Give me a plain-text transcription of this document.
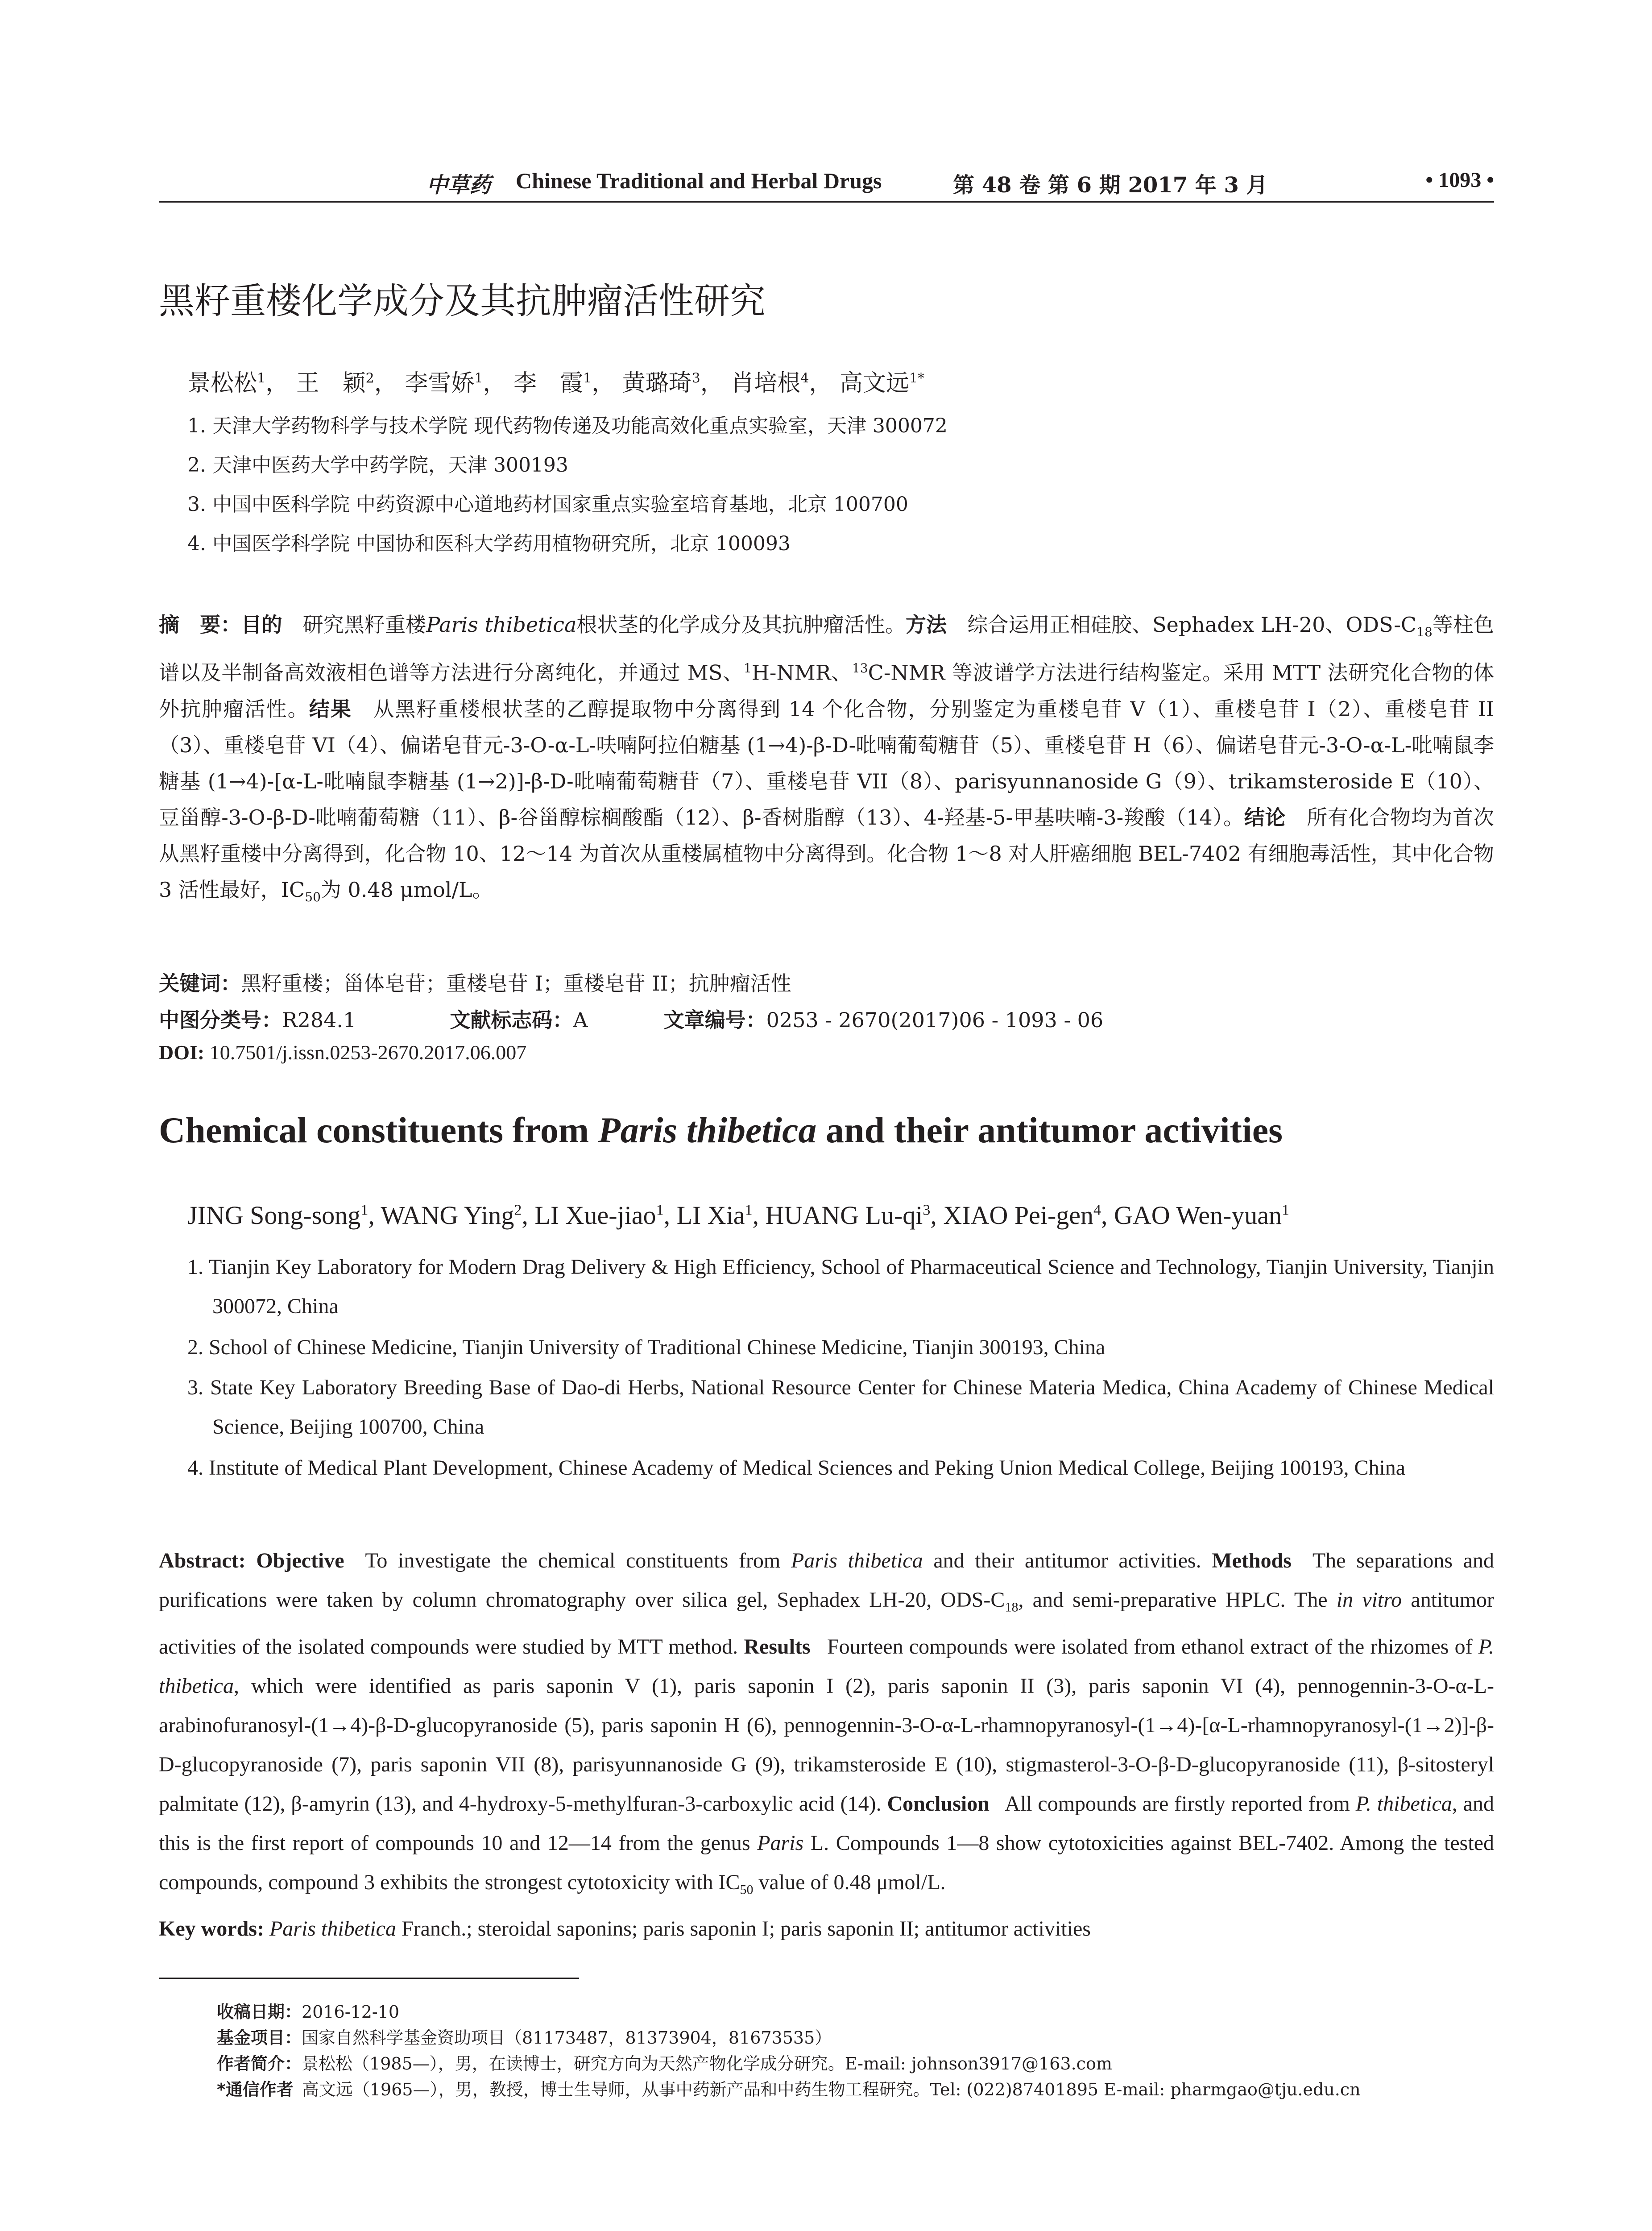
中草药 Chinese Traditional and Herbal Drugs	第 48 卷 第 6 期 2017 年 3 月	• 1093 •
黑籽重楼化学成分及其抗肿瘤活性研究
景松松$^1$， 王　颖$^2$， 李雪娇$^1$， 李　霞$^1$， 黄璐琦$^3$， 肖培根$^4$， 高文远$^{1*}$
1. 天津大学药物科学与技术学院 现代药物传递及功能高效化重点实验室，天津 300072
2. 天津中医药大学中药学院，天津 300193
3. 中国中医科学院 中药资源中心道地药材国家重点实验室培育基地，北京 100700
4. 中国医学科学院 中国协和医科大学药用植物研究所，北京 100093
摘　要：目的  研究黑籽重楼Paris thibetica根状茎的化学成分及其抗肿瘤活性。方法  综合运用正相硅胶、Sephadex LH-20、ODS-$C_{18}$等柱色谱以及半制备高效液相色谱等方法进行分离纯化，并通过 MS、$^1$H-NMR、$^{13}$C-NMR 等波谱学方法进行结构鉴定。采用 MTT 法研究化合物的体外抗肿瘤活性。结果  从黑籽重楼根状茎的乙醇提取物中分离得到 14 个化合物，分别鉴定为重楼皂苷 V（1）、重楼皂苷 I（2）、重楼皂苷 II（3）、重楼皂苷 VI（4）、偏诺皂苷元-3-O-α-L-呋喃阿拉伯糖基 (1→4)-β-D-吡喃葡萄糖苷（5）、重楼皂苷 H（6）、偏诺皂苷元-3-O-α-L-吡喃鼠李糖基 (1→4)-[α-L-吡喃鼠李糖基 (1→2)]-β-D-吡喃葡萄糖苷（7）、重楼皂苷 VII（8）、parisyunnanoside G（9）、trikamsteroside E（10）、豆甾醇-3-O-β-D-吡喃葡萄糖（11）、β-谷甾醇棕榈酸酯（12）、β-香树脂醇（13）、4-羟基-5-甲基呋喃-3-羧酸（14）。结论  所有化合物均为首次从黑籽重楼中分离得到，化合物 10、12～14 为首次从重楼属植物中分离得到。化合物 1～8 对人肝癌细胞 BEL-7402 有细胞毒活性，其中化合物 3 活性最好，$IC_{50}$为 0.48 μmol/L。
关键词：黑籽重楼；甾体皂苷；重楼皂苷 I；重楼皂苷 II；抗肿瘤活性
中图分类号：R284.1	文献标志码：A	文章编号：0253 - 2670(2017)06 - 1093 - 06
DOI: 10.7501/j.issn.0253-2670.2017.06.007
Chemical constituents from Paris thibetica and their antitumor activities
JING Song-song$^1$, WANG Ying$^2$, LI Xue-jiao$^1$, LI Xia$^1$, HUANG $Lu-qi^3$, XIAO Pei-gen$^4$, GAO Wen-yuan$^1$
1. Tianjin Key Laboratory for Modern Drag Delivery & High Efficiency, School of Pharmaceutical Science and Technology, Tianjin University, Tianjin 300072, China
2. School of Chinese Medicine, Tianjin University of Traditional Chinese Medicine, Tianjin 300193, China
3. State Key Laboratory Breeding Base of Dao-di Herbs, National Resource Center for Chinese Materia Medica, China Academy of Chinese Medical Science, Beijing 100700, China
4. Institute of Medical Plant Development, Chinese Academy of Medical Sciences and Peking Union Medical College, Beijing 100193, China
Abstract: Objective  To investigate the chemical constituents from Paris thibetica and their antitumor activities. Methods  The separations and purifications were taken by column chromatography over silica gel, Sephadex LH-20, ODS-$C_{18}$, and semi-preparative HPLC. The in vitro antitumor activities of the isolated compounds were studied by MTT method. Results  Fourteen compounds were isolated from ethanol extract of the rhizomes of P. thibetica, which were identified as paris saponin V (1), paris saponin I (2), paris saponin II (3), paris saponin VI (4), pennogennin-3-O-α-L-arabinofuranosyl-(1→4)-β-D-glucopyranoside (5), paris saponin H (6), pennogennin-3-O-α-L-rhamnopyranosyl-(1→4)-[α-L-rhamnopyranosyl-(1→2)]-β-D-glucopyranoside (7), paris saponin VII (8), parisyunnanoside G (9), trikamsteroside E (10), stigmasterol-3-O-β-D-glucopyranoside (11), β-sitosteryl palmitate (12), β-amyrin (13), and 4-hydroxy-5-methylfuran-3-carboxylic acid (14). Conclusion  All compounds are firstly reported from P. thibetica, and this is the first report of compounds 10 and 12—14 from the genus Paris L. Compounds 1—8 show cytotoxicities against BEL-7402. Among the tested compounds, compound 3 exhibits the strongest cytotoxicity with $IC_{50}$ value of 0.48 μmol/L.
Key words: Paris thibetica Franch.; steroidal saponins; paris saponin I; paris saponin II; antitumor activities
收稿日期：2016-12-10
基金项目：国家自然科学基金资助项目（81173487，81373904，81673535）
作者简介：景松松（1985—），男，在读博士，研究方向为天然产物化学成分研究。E-mail: johnson3917@163.com
*通信作者  高文远（1965—），男，教授，博士生导师，从事中药新产品和中药生物工程研究。Tel: (022)87401895 E-mail: pharmgao@tju.edu.cn
